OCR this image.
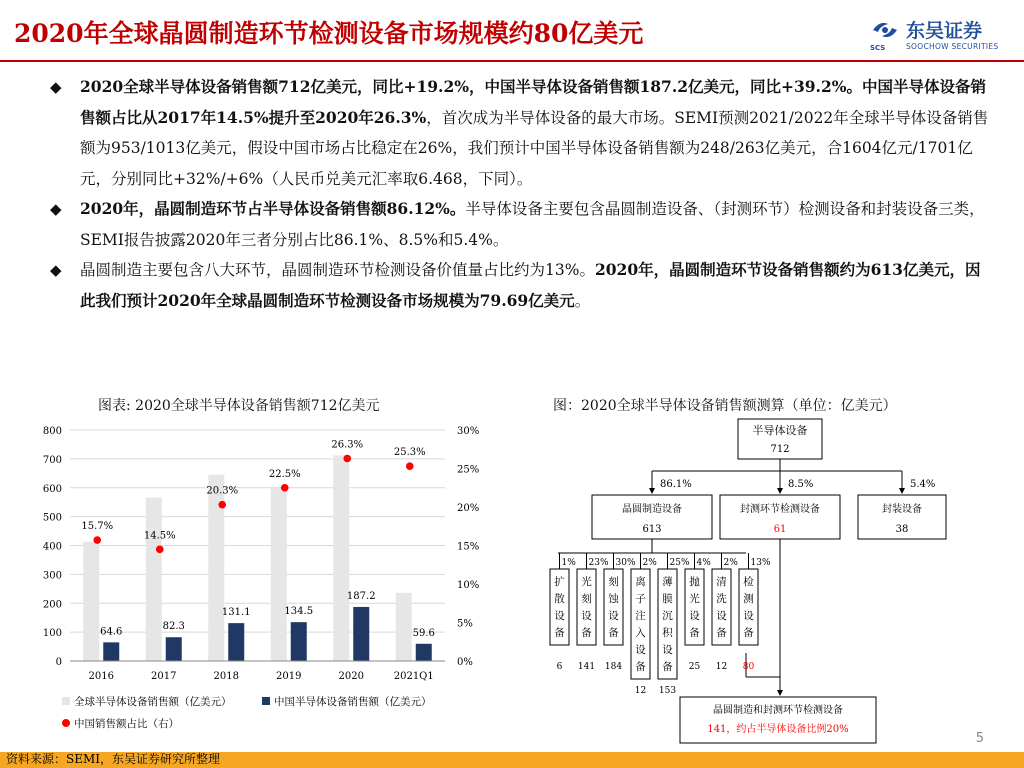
2020年全球晶圆制造环节检测设备市场规模约80亿美元	东吴证券
SOOCHOW SECURITIES
SCS
◆ 2020全球半导体设备销售额712亿美元，同比+19.2%，中国半导体设备销售额187.2亿美元，同比+39.2%。中国半导体设备销售额占比从2017年14.5%提升至2020年26.3%，首次成为半导体设备的最大市场。SEMI预测2021/2022年全球半导体设备销售额为953/1013亿美元，假设中国市场占比稳定在26%，我们预计中国半导体设备销售额为248/263亿美元，合1604亿元/1701亿元，分别同比+32%/+6%（人民币兑美元汇率取6.468，下同）。
◆ 2020年，晶圆制造环节占半导体设备销售额86.12%。半导体设备主要包含晶圆制造设备、（封测环节）检测设备和封装设备三类，SEMI报告披露2020年三者分别占比86.1%、8.5%和5.4%。
◆ 晶圆制造主要包含八大环节，晶圆制造环节检测设备价值量占比约为13%。2020年，晶圆制造环节设备销售额约为613亿美元，因此我们预计2020年全球晶圆制造环节检测设备市场规模为79.69亿美元。
图表: 2020全球半导体设备销售额712亿美元
64.6
15.7%
82.3
14.5%
131.1
20.3%
134.5
22.5%
187.2
26.3%
59.6
25.3%
0
100
200
300
400
500
600
700
800
0%
5%
10%
15%
20%
25%
30%
2016	2017	2018	2019	2020	2021Q1
全球半导体设备销售额（亿美元）	中国半导体设备销售额（亿美元）
中国销售额占比（右）
图：2020全球半导体设备销售额测算（单位：亿美元）
半导体设备
712
86.1%	8.5%	5.4%
晶圆制造设备
613
封测环节检测设备
61
封装设备
38
1%
扩
散
设
备
6
23%
光
刻
设
备
141
30%
刻
蚀
设
备
184
2%
离
子
注
入
设
备
12
25%
薄
膜
沉
积
设
备
153
4%
抛
光
设
备
25
2%
清
洗
设
备
12
13%
检
测
设
备
80
晶圆制造和封测环节检测设备
141，约占半导体设备比例20%
5
资料来源：SEMI，东吴证券研究所整理
